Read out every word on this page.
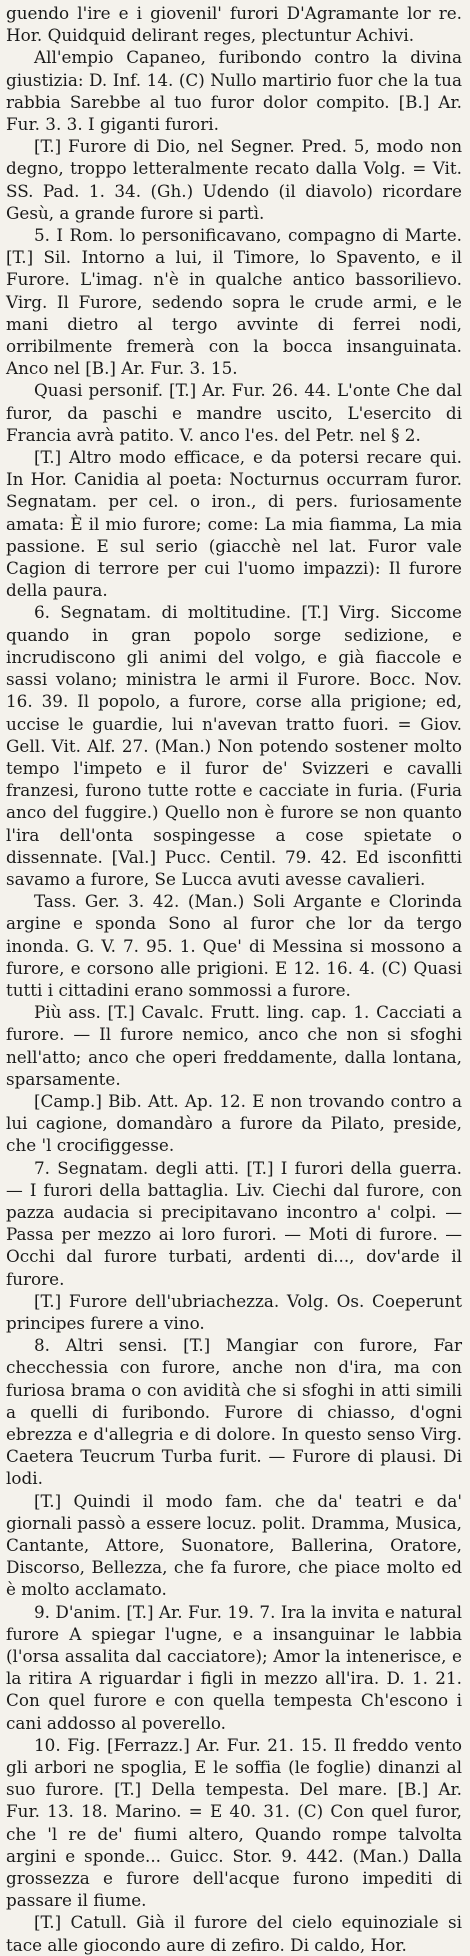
guendo l'ire e i giovenil' furori D'Agramante lor re. Hor. Quidquid delirant reges, plectuntur Achivi.

All'empio Capaneo, furibondo contro la divina giustizia: D. Inf. 14. (C) Nullo martirio fuor che la tua rabbia Sarebbe al tuo furor dolor compito. [B.] Ar. Fur. 3. 3. I giganti furori.

[T.] Furore di Dio, nel Segner. Pred. 5, modo non degno, troppo letteralmente recato dalla Volg. = Vit. SS. Pad. 1. 34. (Gh.) Udendo (il diavolo) ricordare Gesù, a grande furore si partì.

5. I Rom. lo personificavano, compagno di Marte. [T.] Sil. Intorno a lui, il Timore, lo Spavento, e il Furore. L'imag. n'è in qualche antico bassorilievo. Virg. Il Furore, sedendo sopra le crude armi, e le mani dietro al tergo avvinte di ferrei nodi, orribilmente fremerà con la bocca insanguinata. Anco nel [B.] Ar. Fur. 3. 15.

Quasi personif. [T.] Ar. Fur. 26. 44. L'onte Che dal furor, da paschi e mandre uscito, L'esercito di Francia avrà patito. V. anco l'es. del Petr. nel § 2.

[T.] Altro modo efficace, e da potersi recare qui. In Hor. Canidia al poeta: Nocturnus occurram furor. Segnatam. per cel. o iron., di pers. furiosamente amata: È il mio furore; come: La mia fiamma, La mia passione. E sul serio (giacchè nel lat. Furor vale Cagion di terrore per cui l'uomo impazzi): Il furore della paura.

6. Segnatam. di moltitudine. [T.] Virg. Siccome quando in gran popolo sorge sedizione, e incrudiscono gli animi del volgo, e già fiaccole e sassi volano; ministra le armi il Furore. Bocc. Nov. 16. 39. Il popolo, a furore, corse alla prigione; ed, uccise le guardie, lui n'avevan tratto fuori. = Giov. Gell. Vit. Alf. 27. (Man.) Non potendo sostener molto tempo l'impeto e il furor de' Svizzeri e cavalli franzesi, furono tutte rotte e cacciate in furia. (Furia anco del fuggire.) Quello non è furore se non quanto l'ira dell'onta sospingesse a cose spietate o dissennate. [Val.] Pucc. Centil. 79. 42. Ed isconfitti savamo a furore, Se Lucca avuti avesse cavalieri.

Tass. Ger. 3. 42. (Man.) Soli Argante e Clorinda argine e sponda Sono al furor che lor da tergo inonda. G. V. 7. 95. 1. Que' di Messina si mossono a furore, e corsono alle prigioni. E 12. 16. 4. (C) Quasi tutti i cittadini erano sommossi a furore.

Più ass. [T.] Cavalc. Frutt. ling. cap. 1. Cacciati a furore. — Il furore nemico, anco che non si sfoghi nell'atto; anco che operi freddamente, dalla lontana, sparsamente.

[Camp.] Bib. Att. Ap. 12. E non trovando contro a lui cagione, domandàro a furore da Pilato, preside, che 'l crocifiggesse.

7. Segnatam. degli atti. [T.] I furori della guerra. — I furori della battaglia. Liv. Ciechi dal furore, con pazza audacia si precipitavano incontro a' colpi. — Passa per mezzo ai loro furori. — Moti di furore. — Occhi dal furore turbati, ardenti di..., dov'arde il furore.

[T.] Furore dell'ubriachezza. Volg. Os. Coeperunt principes furere a vino.

8. Altri sensi. [T.] Mangiar con furore, Far checchessia con furore, anche non d'ira, ma con furiosa brama o con avidità che si sfoghi in atti simili a quelli di furibondo. Furore di chiasso, d'ogni ebrezza e d'allegria e di dolore. In questo senso Virg. Caetera Teucrum Turba furit. — Furore di plausi. Di lodi.

[T.] Quindi il modo fam. che da' teatri e da' giornali passò a essere locuz. polit. Dramma, Musica, Cantante, Attore, Suonatore, Ballerina, Oratore, Discorso, Bellezza, che fa furore, che piace molto ed è molto acclamato.

9. D'anim. [T.] Ar. Fur. 19. 7. Ira la invita e natural furore A spiegar l'ugne, e a insanguinar le labbia (l'orsa assalita dal cacciatore); Amor la intenerisce, e la ritira A riguardar i figli in mezzo all'ira. D. 1. 21. Con quel furore e con quella tempesta Ch'escono i cani addosso al poverello.

10. Fig. [Ferrazz.] Ar. Fur. 21. 15. Il freddo vento gli arbori ne spoglia, E le soffia (le foglie) dinanzi al suo furore. [T.] Della tempesta. Del mare. [B.] Ar. Fur. 13. 18. Marino. = E 40. 31. (C) Con quel furor, che 'l re de' fiumi altero, Quando rompe talvolta argini e sponde... Guicc. Stor. 9. 442. (Man.) Dalla grossezza e furore dell'acque furono impediti di passare il fiume.

[T.] Catull. Già il furore del cielo equinoziale si tace alle giocondo aure di zefiro. Di caldo, Hor.
